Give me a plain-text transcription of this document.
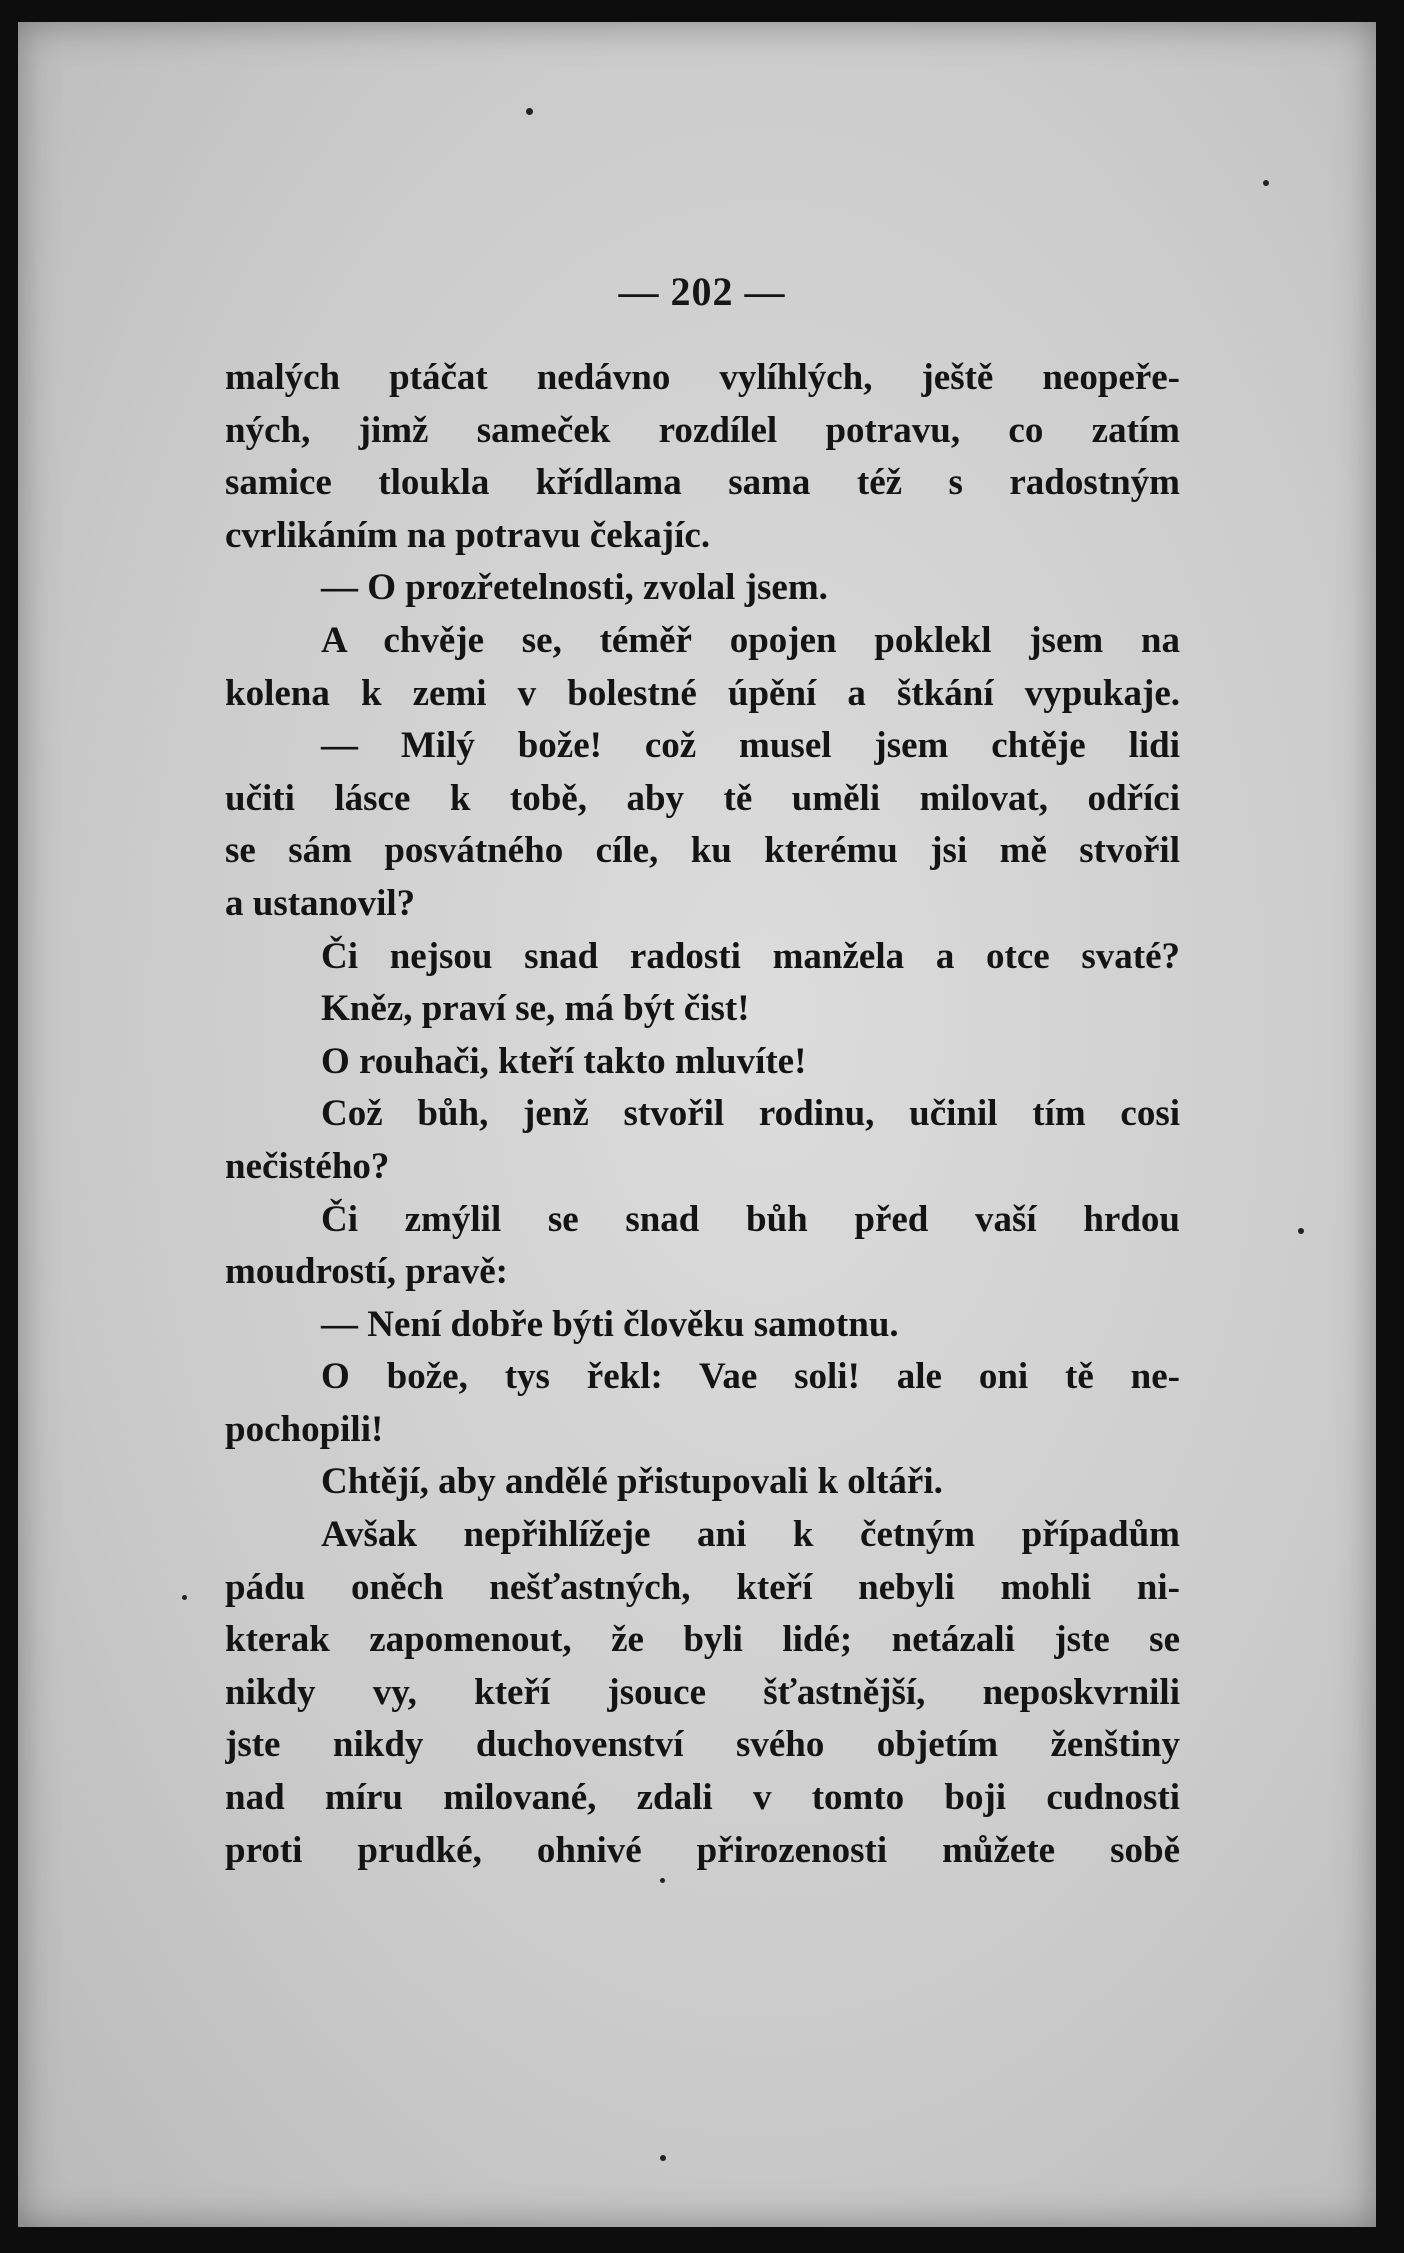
— 202 —
malých ptáčat nedávno vylíhlých, ještě neopeře-
ných, jimž sameček rozdílel potravu, co zatím
samice tloukla křídlama sama též s radostným
cvrlikáním na potravu čekajíc.
— O prozřetelnosti, zvolal jsem.
A chvěje se, téměř opojen poklekl jsem na
kolena k zemi v bolestné úpění a štkání vypukaje.
— Milý bože! což musel jsem chtěje lidi
učiti lásce k tobě, aby tě uměli milovat, odříci
se sám posvátného cíle, ku kterému jsi mě stvořil
a ustanovil?
Či nejsou snad radosti manžela a otce svaté?
Kněz, praví se, má být čist!
O rouhači, kteří takto mluvíte!
Což bůh, jenž stvořil rodinu, učinil tím cosi
nečistého?
Či zmýlil se snad bůh před vaší hrdou
moudrostí, pravě:
— Není dobře býti člověku samotnu.
O bože, tys řekl: Vae soli! ale oni tě ne-
pochopili!
Chtějí, aby andělé přistupovali k oltáři.
Avšak nepřihlížeje ani k četným případům
pádu oněch nešťastných, kteří nebyli mohli ni-
kterak zapomenout, že byli lidé; netázali jste se
nikdy vy, kteří jsouce šťastnější, neposkvrnili
jste nikdy duchovenství svého objetím ženštiny
nad míru milované, zdali v tomto boji cudnosti
proti prudké, ohnivé přirozenosti můžete sobě
